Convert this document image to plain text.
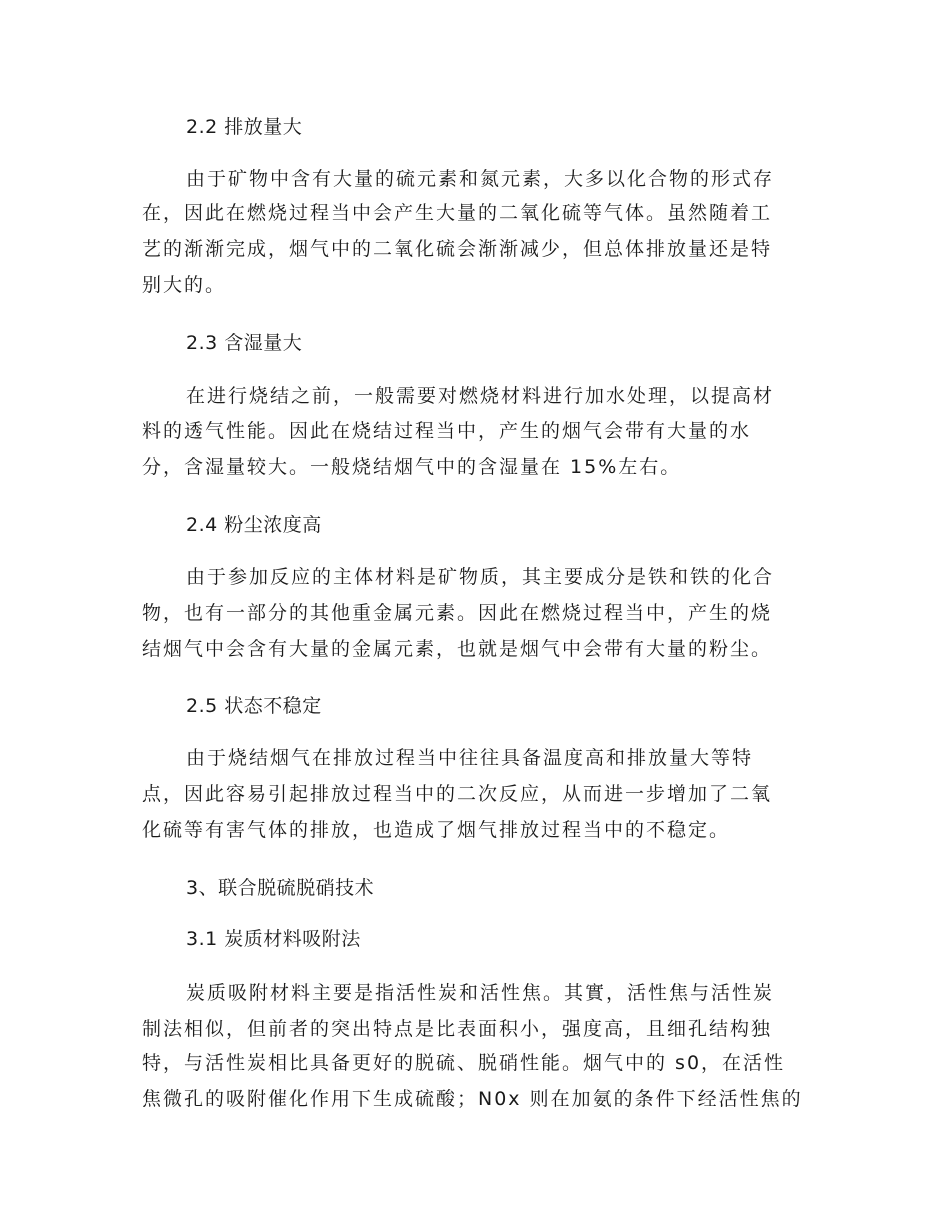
2.2 排放量大
由于矿物中含有大量的硫元素和氮元素，大多以化合物的形式存
在，因此在燃烧过程当中会产生大量的二氧化硫等气体。虽然随着工
艺的渐渐完成，烟气中的二氧化硫会渐渐减少，但总体排放量还是特
别大的。
2.3 含湿量大
在进行烧结之前，一般需要对燃烧材料进行加水处理，以提高材
料的透气性能。因此在烧结过程当中，产生的烟气会带有大量的水
分，含湿量较大。一般烧结烟气中的含湿量在 15%左右。
2.4 粉尘浓度高
由于参加反应的主体材料是矿物质，其主要成分是铁和铁的化合
物，也有一部分的其他重金属元素。因此在燃烧过程当中，产生的烧
结烟气中会含有大量的金属元素，也就是烟气中会带有大量的粉尘。
2.5 状态不稳定
由于烧结烟气在排放过程当中往往具备温度高和排放量大等特
点，因此容易引起排放过程当中的二次反应，从而进一步增加了二氧
化硫等有害气体的排放，也造成了烟气排放过程当中的不稳定。
3、联合脱硫脱硝技术
3.1 炭质材料吸附法
炭质吸附材料主要是指活性炭和活性焦。其實，活性焦与活性炭
制法相似，但前者的突出特点是比表面积小，强度高，且细孔结构独
特，与活性炭相比具备更好的脱硫、脱硝性能。烟气中的 s0，在活性
焦微孔的吸附催化作用下生成硫酸；N0x 则在加氨的条件下经活性焦的
